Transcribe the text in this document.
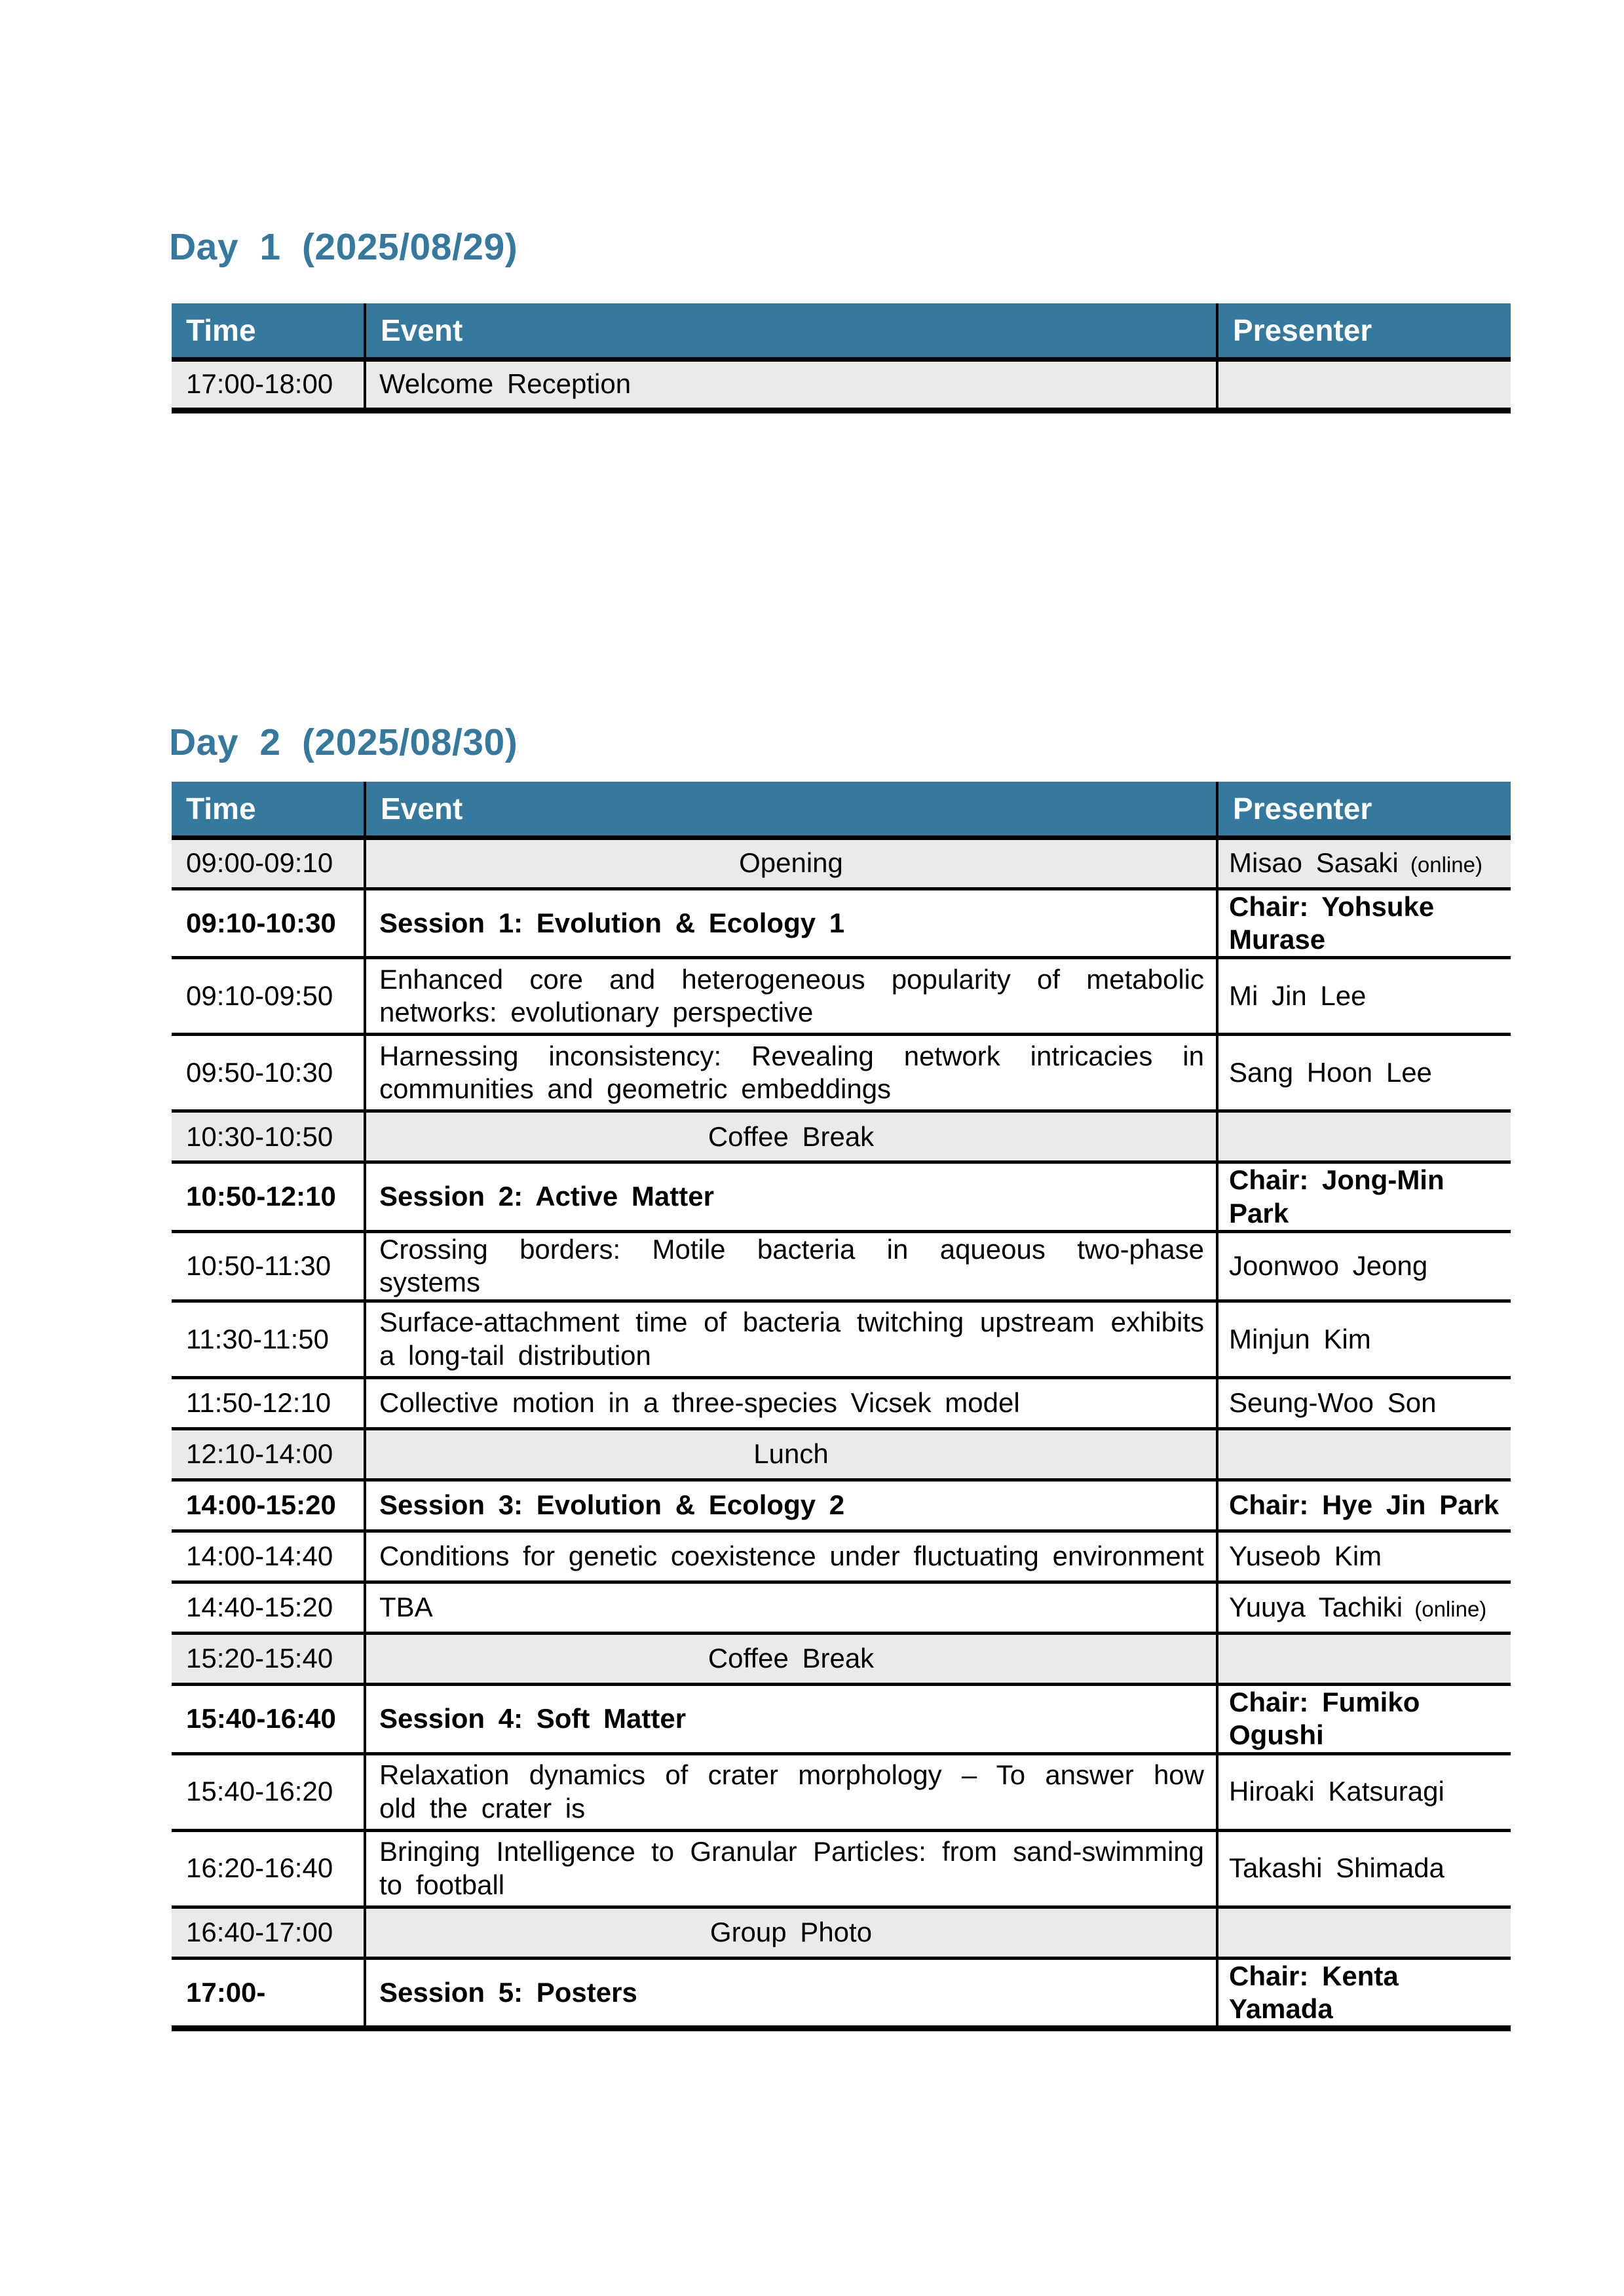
Day 1 (2025/08/29)
Time	Event	Presenter
17:00-18:00	Welcome Reception	
Day 2 (2025/08/30)
Time	Event	Presenter
09:00-09:10	Opening	Misao Sasaki (online)
09:10-10:30	Session 1: Evolution & Ecology 1	Chair: Yohsuke Murase
09:10-09:50	Enhanced core and heterogeneous popularity of metabolic networks: evolutionary perspective	Mi Jin Lee
09:50-10:30	Harnessing inconsistency: Revealing network intricacies in communities and geometric embeddings	Sang Hoon Lee
10:30-10:50	Coffee Break	
10:50-12:10	Session 2: Active Matter	Chair: Jong-Min Park
10:50-11:30	Crossing borders: Motile bacteria in aqueous two-phase systems	Joonwoo Jeong
11:30-11:50	Surface-attachment time of bacteria twitching upstream exhibits a long-tail distribution	Minjun Kim
11:50-12:10	Collective motion in a three-species Vicsek model	Seung-Woo Son
12:10-14:00	Lunch	
14:00-15:20	Session 3: Evolution & Ecology 2	Chair: Hye Jin Park
14:00-14:40	Conditions for genetic coexistence under fluctuating environment	Yuseob Kim
14:40-15:20	TBA	Yuuya Tachiki (online)
15:20-15:40	Coffee Break	
15:40-16:40	Session 4: Soft Matter	Chair: Fumiko Ogushi
15:40-16:20	Relaxation dynamics of crater morphology – To answer how old the crater is	Hiroaki Katsuragi
16:20-16:40	Bringing Intelligence to Granular Particles: from sand-swimming to football	Takashi Shimada
16:40-17:00	Group Photo	
17:00-	Session 5: Posters	Chair: Kenta Yamada
